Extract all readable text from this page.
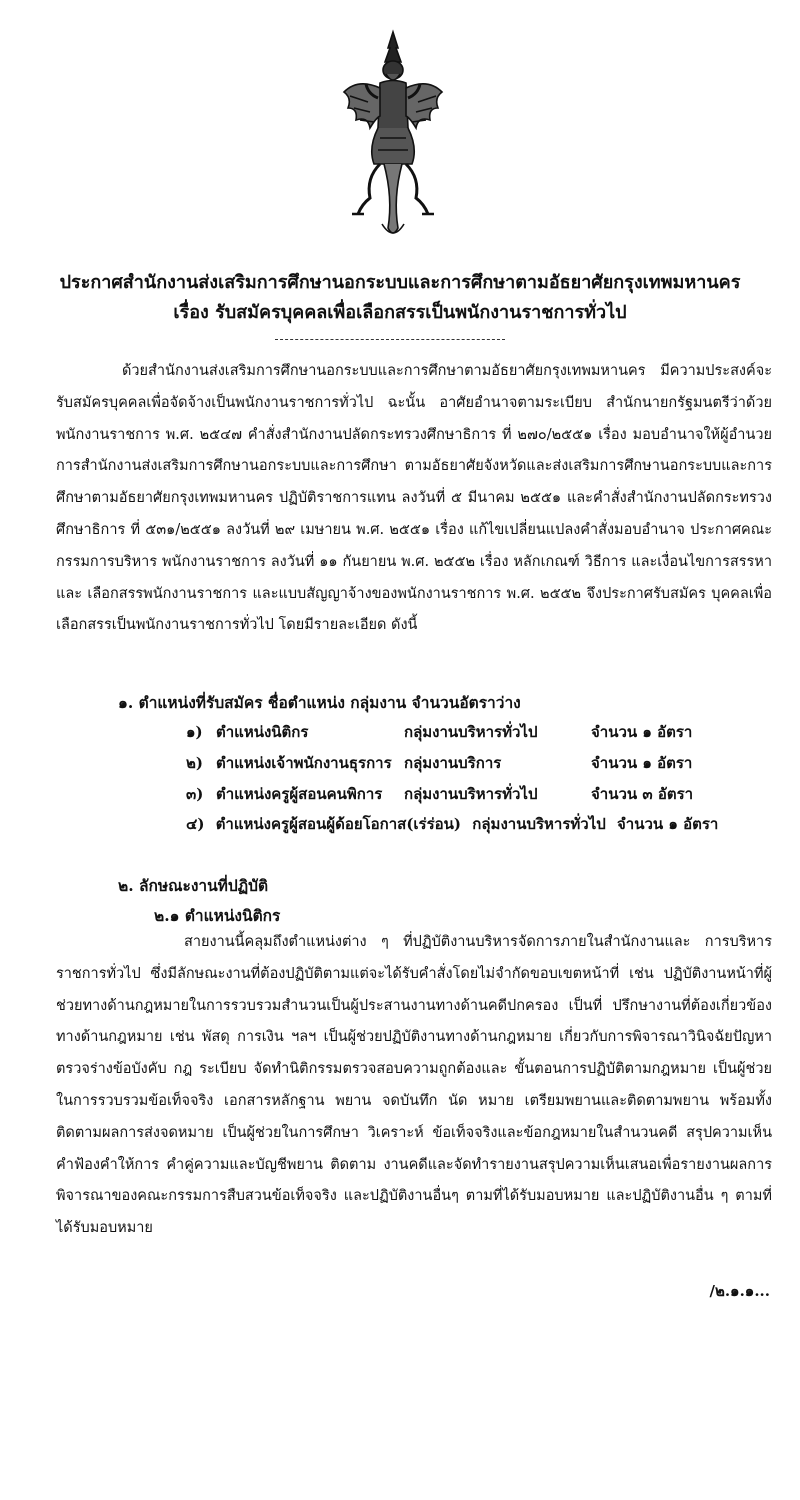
ประกาศสำนักงานส่งเสริมการศึกษานอกระบบและการศึกษาตามอัธยาศัยกรุงเทพมหานคร
เรื่อง รับสมัครบุคคลเพื่อเลือกสรรเป็นพนักงานราชการทั่วไป

ด้วยสำนักงานส่งเสริมการศึกษานอกระบบและการศึกษาตามอัธยาศัยกรุงเทพมหานคร มีความประสงค์จะรับสมัครบุคคลเพื่อจัดจ้างเป็นพนักงานราชการทั่วไป ฉะนั้น อาศัยอำนาจตามระเบียบ สำนักนายกรัฐมนตรีว่าด้วยพนักงานราชการ พ.ศ. ๒๕๔๗ คำสั่งสำนักงานปลัดกระทรวงศึกษาธิการ ที่ ๒๗๐/๒๕๕๑ เรื่อง มอบอำนาจให้ผู้อำนวยการสำนักงานส่งเสริมการศึกษานอกระบบและการศึกษา ตามอัธยาศัยจังหวัดและส่งเสริมการศึกษานอกระบบและการศึกษาตามอัธยาศัยกรุงเทพมหานคร ปฏิบัติราชการแทน ลงวันที่ ๕ มีนาคม ๒๕๕๑ และคำสั่งสำนักงานปลัดกระทรวงศึกษาธิการ ที่ ๕๓๑/๒๕๕๑ ลงวันที่ ๒๙ เมษายน พ.ศ. ๒๕๕๑ เรื่อง แก้ไขเปลี่ยนแปลงคำสั่งมอบอำนาจ ประกาศคณะกรรมการบริหาร พนักงานราชการ ลงวันที่ ๑๑ กันยายน พ.ศ. ๒๕๕๒ เรื่อง หลักเกณฑ์ วิธีการ และเงื่อนไขการสรรหาและ เลือกสรรพนักงานราชการ และแบบสัญญาจ้างของพนักงานราชการ พ.ศ. ๒๕๕๒ จึงประกาศรับสมัคร บุคคลเพื่อเลือกสรรเป็นพนักงานราชการทั่วไป โดยมีรายละเอียด ดังนี้

๑. ตำแหน่งที่รับสมัคร ชื่อตำแหน่ง กลุ่มงาน จำนวนอัตราว่าง
๑) ตำแหน่งนิติกร	กลุ่มงานบริหารทั่วไป	จำนวน ๑ อัตรา
๒) ตำแหน่งเจ้าพนักงานธุรการ กลุ่มงานบริการ	จำนวน ๑ อัตรา
๓) ตำแหน่งครูผู้สอนคนพิการ กลุ่มงานบริหารทั่วไป	จำนวน ๓ อัตรา
๔) ตำแหน่งครูผู้สอนผู้ด้อยโอกาส(เร่ร่อน) กลุ่มงานบริหารทั่วไป จำนวน ๑ อัตรา
๒. ลักษณะงานที่ปฏิบัติ
๒.๑ ตำแหน่งนิติกร

สายงานนี้คลุมถึงตำแหน่งต่าง ๆ ที่ปฏิบัติงานบริหารจัดการภายในสำนักงานและ การบริหารราชการทั่วไป ซึ่งมีลักษณะงานที่ต้องปฏิบัติตามแต่จะได้รับคำสั่งโดยไม่จำกัดขอบเขตหน้าที่ เช่น ปฏิบัติงานหน้าที่ผู้ช่วยทางด้านกฎหมายในการรวบรวมสำนวนเป็นผู้ประสานงานทางด้านคดีปกครอง เป็นที่ ปรึกษางานที่ต้องเกี่ยวข้องทางด้านกฎหมาย เช่น พัสดุ การเงิน ฯลฯ เป็นผู้ช่วยปฏิบัติงานทางด้านกฎหมาย เกี่ยวกับการพิจารณาวินิจฉัยปัญหาตรวจร่างข้อบังคับ กฎ ระเบียบ จัดทำนิติกรรมตรวจสอบความถูกต้องและ ขั้นตอนการปฏิบัติตามกฎหมาย เป็นผู้ช่วยในการรวบรวมข้อเท็จจริง เอกสารหลักฐาน พยาน จดบันทึก นัด หมาย เตรียมพยานและติดตามพยาน พร้อมทั้งติดตามผลการส่งจดหมาย เป็นผู้ช่วยในการศึกษา วิเคราะห์ ข้อเท็จจริงและข้อกฎหมายในสำนวนคดี สรุปความเห็น คำฟ้องคำให้การ คำคู่ความและบัญชีพยาน ติดตาม งานคดีและจัดทำรายงานสรุปความเห็นเสนอเพื่อรายงานผลการพิจารณาของคณะกรรมการสืบสวนข้อเท็จจริง และปฏิบัติงานอื่นๆ ตามที่ได้รับมอบหมาย และปฏิบัติงานอื่น ๆ ตามที่ได้รับมอบหมาย

/๒.๑.๑...
